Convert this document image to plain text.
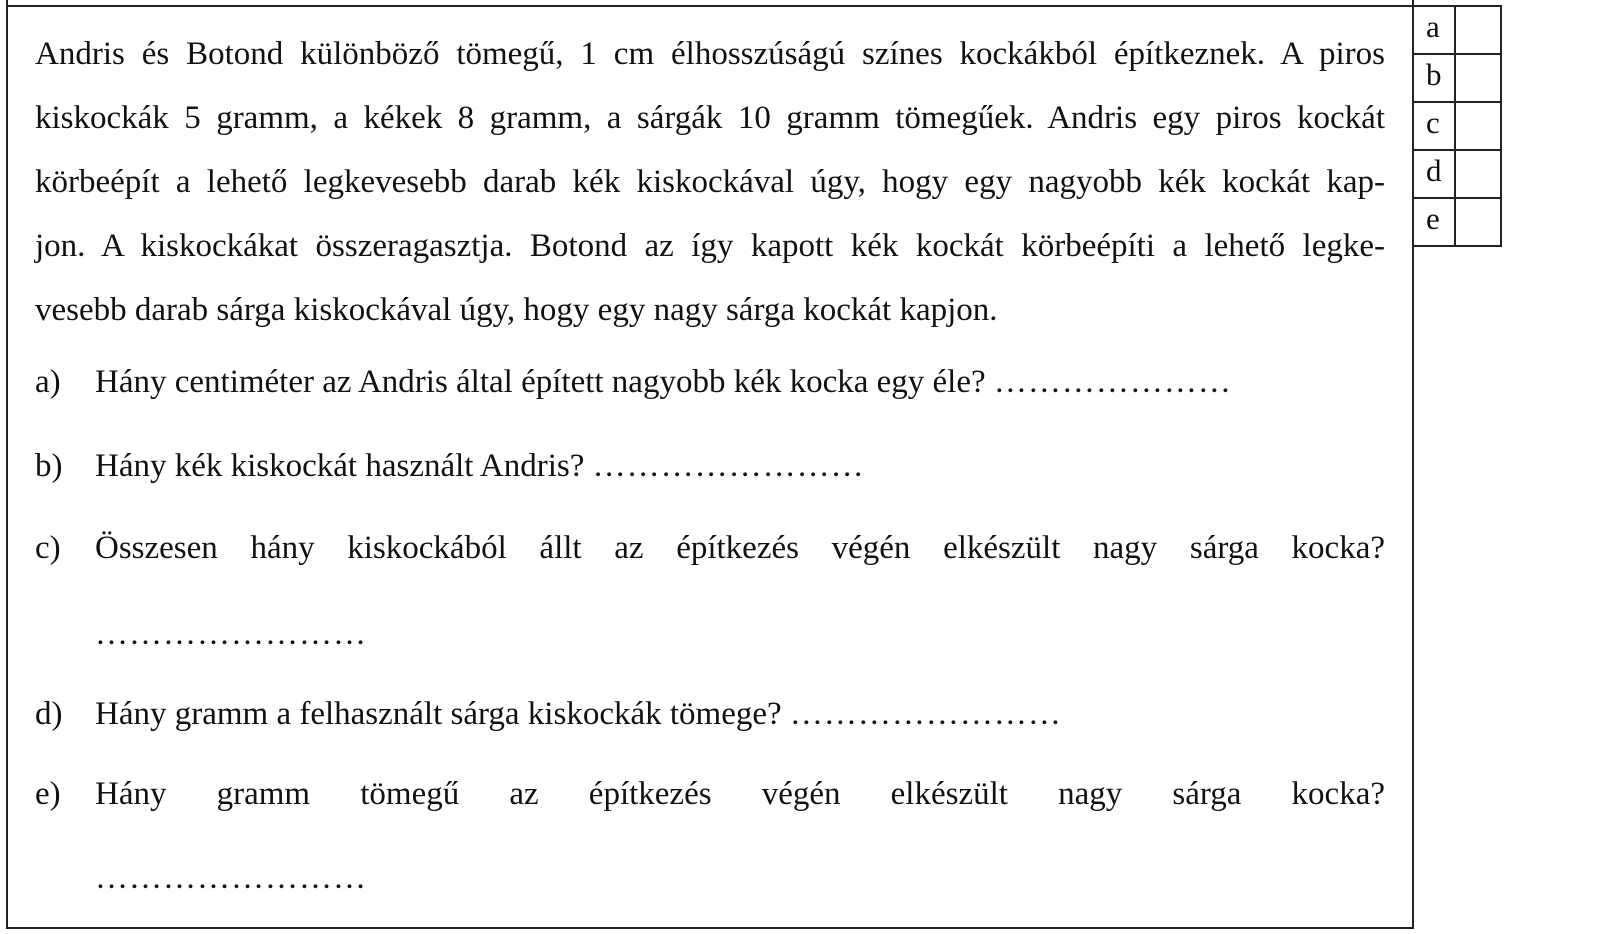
Andris és Botond különböző tömegű, 1 cm élhosszúságú színes kockákból építkeznek. A piros
kiskockák 5 gramm, a kékek 8 gramm, a sárgák 10 gramm tömegűek. Andris egy piros kockát
körbeépít a lehető legkevesebb darab kék kiskockával úgy, hogy egy nagyobb kék kockát kap-
jon. A kiskockákat összeragasztja. Botond az így kapott kék kockát körbeépíti a lehető legke-
vesebb darab sárga kiskockával úgy, hogy egy nagy sárga kockát kapjon.
a) Hány centiméter az Andris által épített nagyobb kék kocka egy éle? …………………
b) Hány kék kiskockát használt Andris? ……………………
c) Összesen hány kiskockából állt az építkezés végén elkészült nagy sárga kocka?
……………………
d) Hány gramm a felhasznált sárga kiskockák tömege? ……………………
e) Hány gramm tömegű az építkezés végén elkészült nagy sárga kocka?
……………………
a	
b	
c	
d	
e	
